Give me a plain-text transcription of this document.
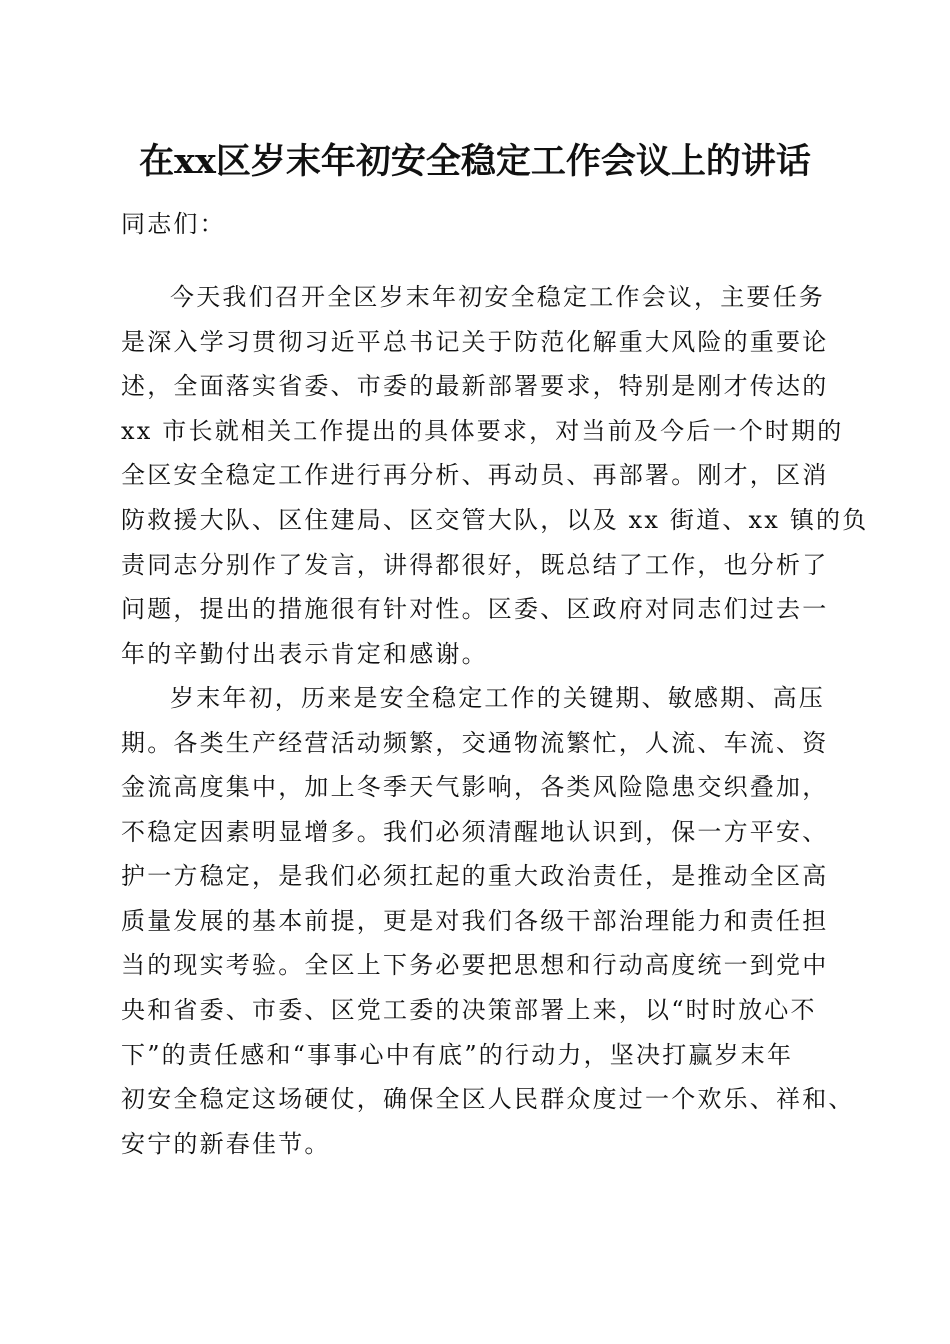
在xx区岁末年初安全稳定工作会议上的讲话
同志们：
今天我们召开全区岁末年初安全稳定工作会议，主要任务
是深入学习贯彻习近平总书记关于防范化解重大风险的重要论
述，全面落实省委、市委的最新部署要求，特别是刚才传达的
xx 市长就相关工作提出的具体要求，对当前及今后一个时期的
全区安全稳定工作进行再分析、再动员、再部署。刚才，区消
防救援大队、区住建局、区交管大队，以及 xx 街道、xx 镇的负
责同志分别作了发言，讲得都很好，既总结了工作，也分析了
问题，提出的措施很有针对性。区委、区政府对同志们过去一
年的辛勤付出表示肯定和感谢。
岁末年初，历来是安全稳定工作的关键期、敏感期、高压
期。各类生产经营活动频繁，交通物流繁忙，人流、车流、资
金流高度集中，加上冬季天气影响，各类风险隐患交织叠加，
不稳定因素明显增多。我们必须清醒地认识到，保一方平安、
护一方稳定，是我们必须扛起的重大政治责任，是推动全区高
质量发展的基本前提，更是对我们各级干部治理能力和责任担
当的现实考验。全区上下务必要把思想和行动高度统一到党中
央和省委、市委、区党工委的决策部署上来，以“时时放心不
下”的责任感和“事事心中有底”的行动力，坚决打赢岁末年
初安全稳定这场硬仗，确保全区人民群众度过一个欢乐、祥和、
安宁的新春佳节。
